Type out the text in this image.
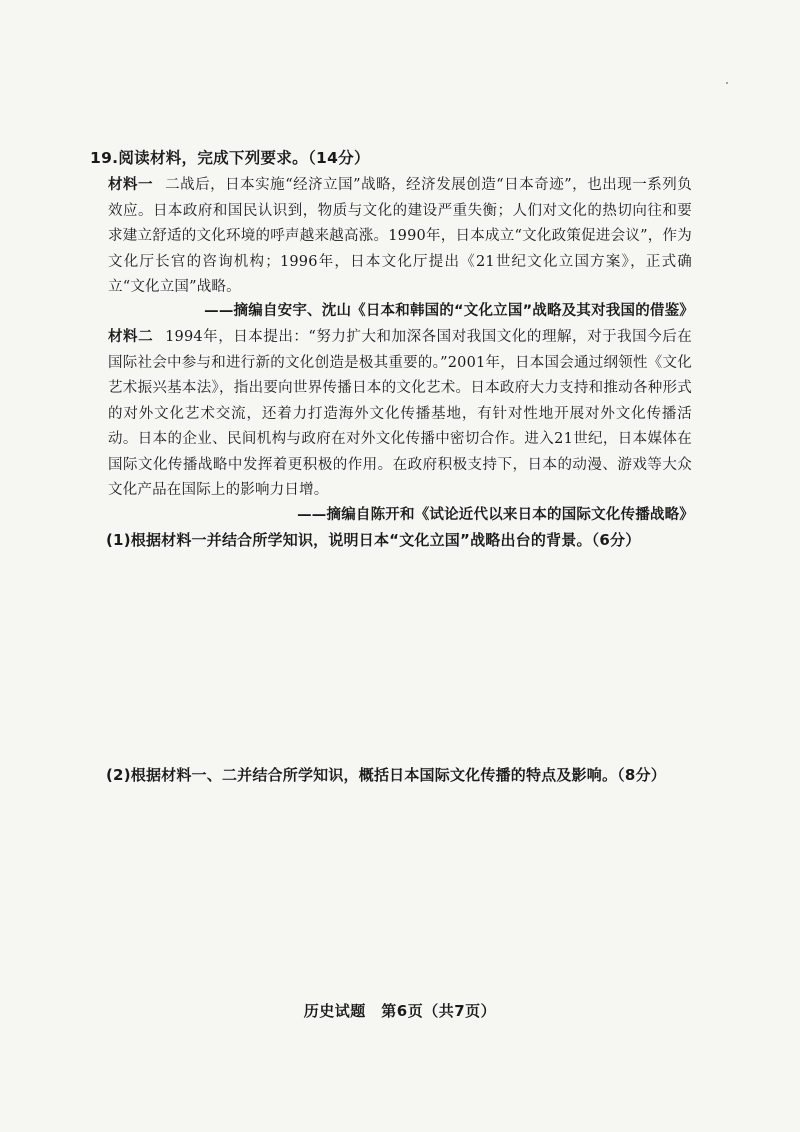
19.阅读材料，完成下列要求。（14分）
材料一 二战后，日本实施“经济立国”战略，经济发展创造“日本奇迹”，也出现一系列负效应。日本政府和国民认识到，物质与文化的建设严重失衡；人们对文化的热切向往和要求建立舒适的文化环境的呼声越来越高涨。1990年，日本成立“文化政策促进会议”，作为文化厅长官的咨询机构；1996年，日本文化厅提出《21世纪文化立国方案》，正式确立“文化立国”战略。
——摘编自安宇、沈山《日本和韩国的“文化立国”战略及其对我国的借鉴》
材料二 1994年，日本提出：“努力扩大和加深各国对我国文化的理解，对于我国今后在国际社会中参与和进行新的文化创造是极其重要的。”2001年，日本国会通过纲领性《文化艺术振兴基本法》，指出要向世界传播日本的文化艺术。日本政府大力支持和推动各种形式的对外文化艺术交流，还着力打造海外文化传播基地，有针对性地开展对外文化传播活动。日本的企业、民间机构与政府在对外文化传播中密切合作。进入21世纪，日本媒体在国际文化传播战略中发挥着更积极的作用。在政府积极支持下，日本的动漫、游戏等大众文化产品在国际上的影响力日增。
——摘编自陈开和《试论近代以来日本的国际文化传播战略》
(1)根据材料一并结合所学知识，说明日本“文化立国”战略出台的背景。（6分）
(2)根据材料一、二并结合所学知识，概括日本国际文化传播的特点及影响。（8分）
历史试题　第6页（共7页）
